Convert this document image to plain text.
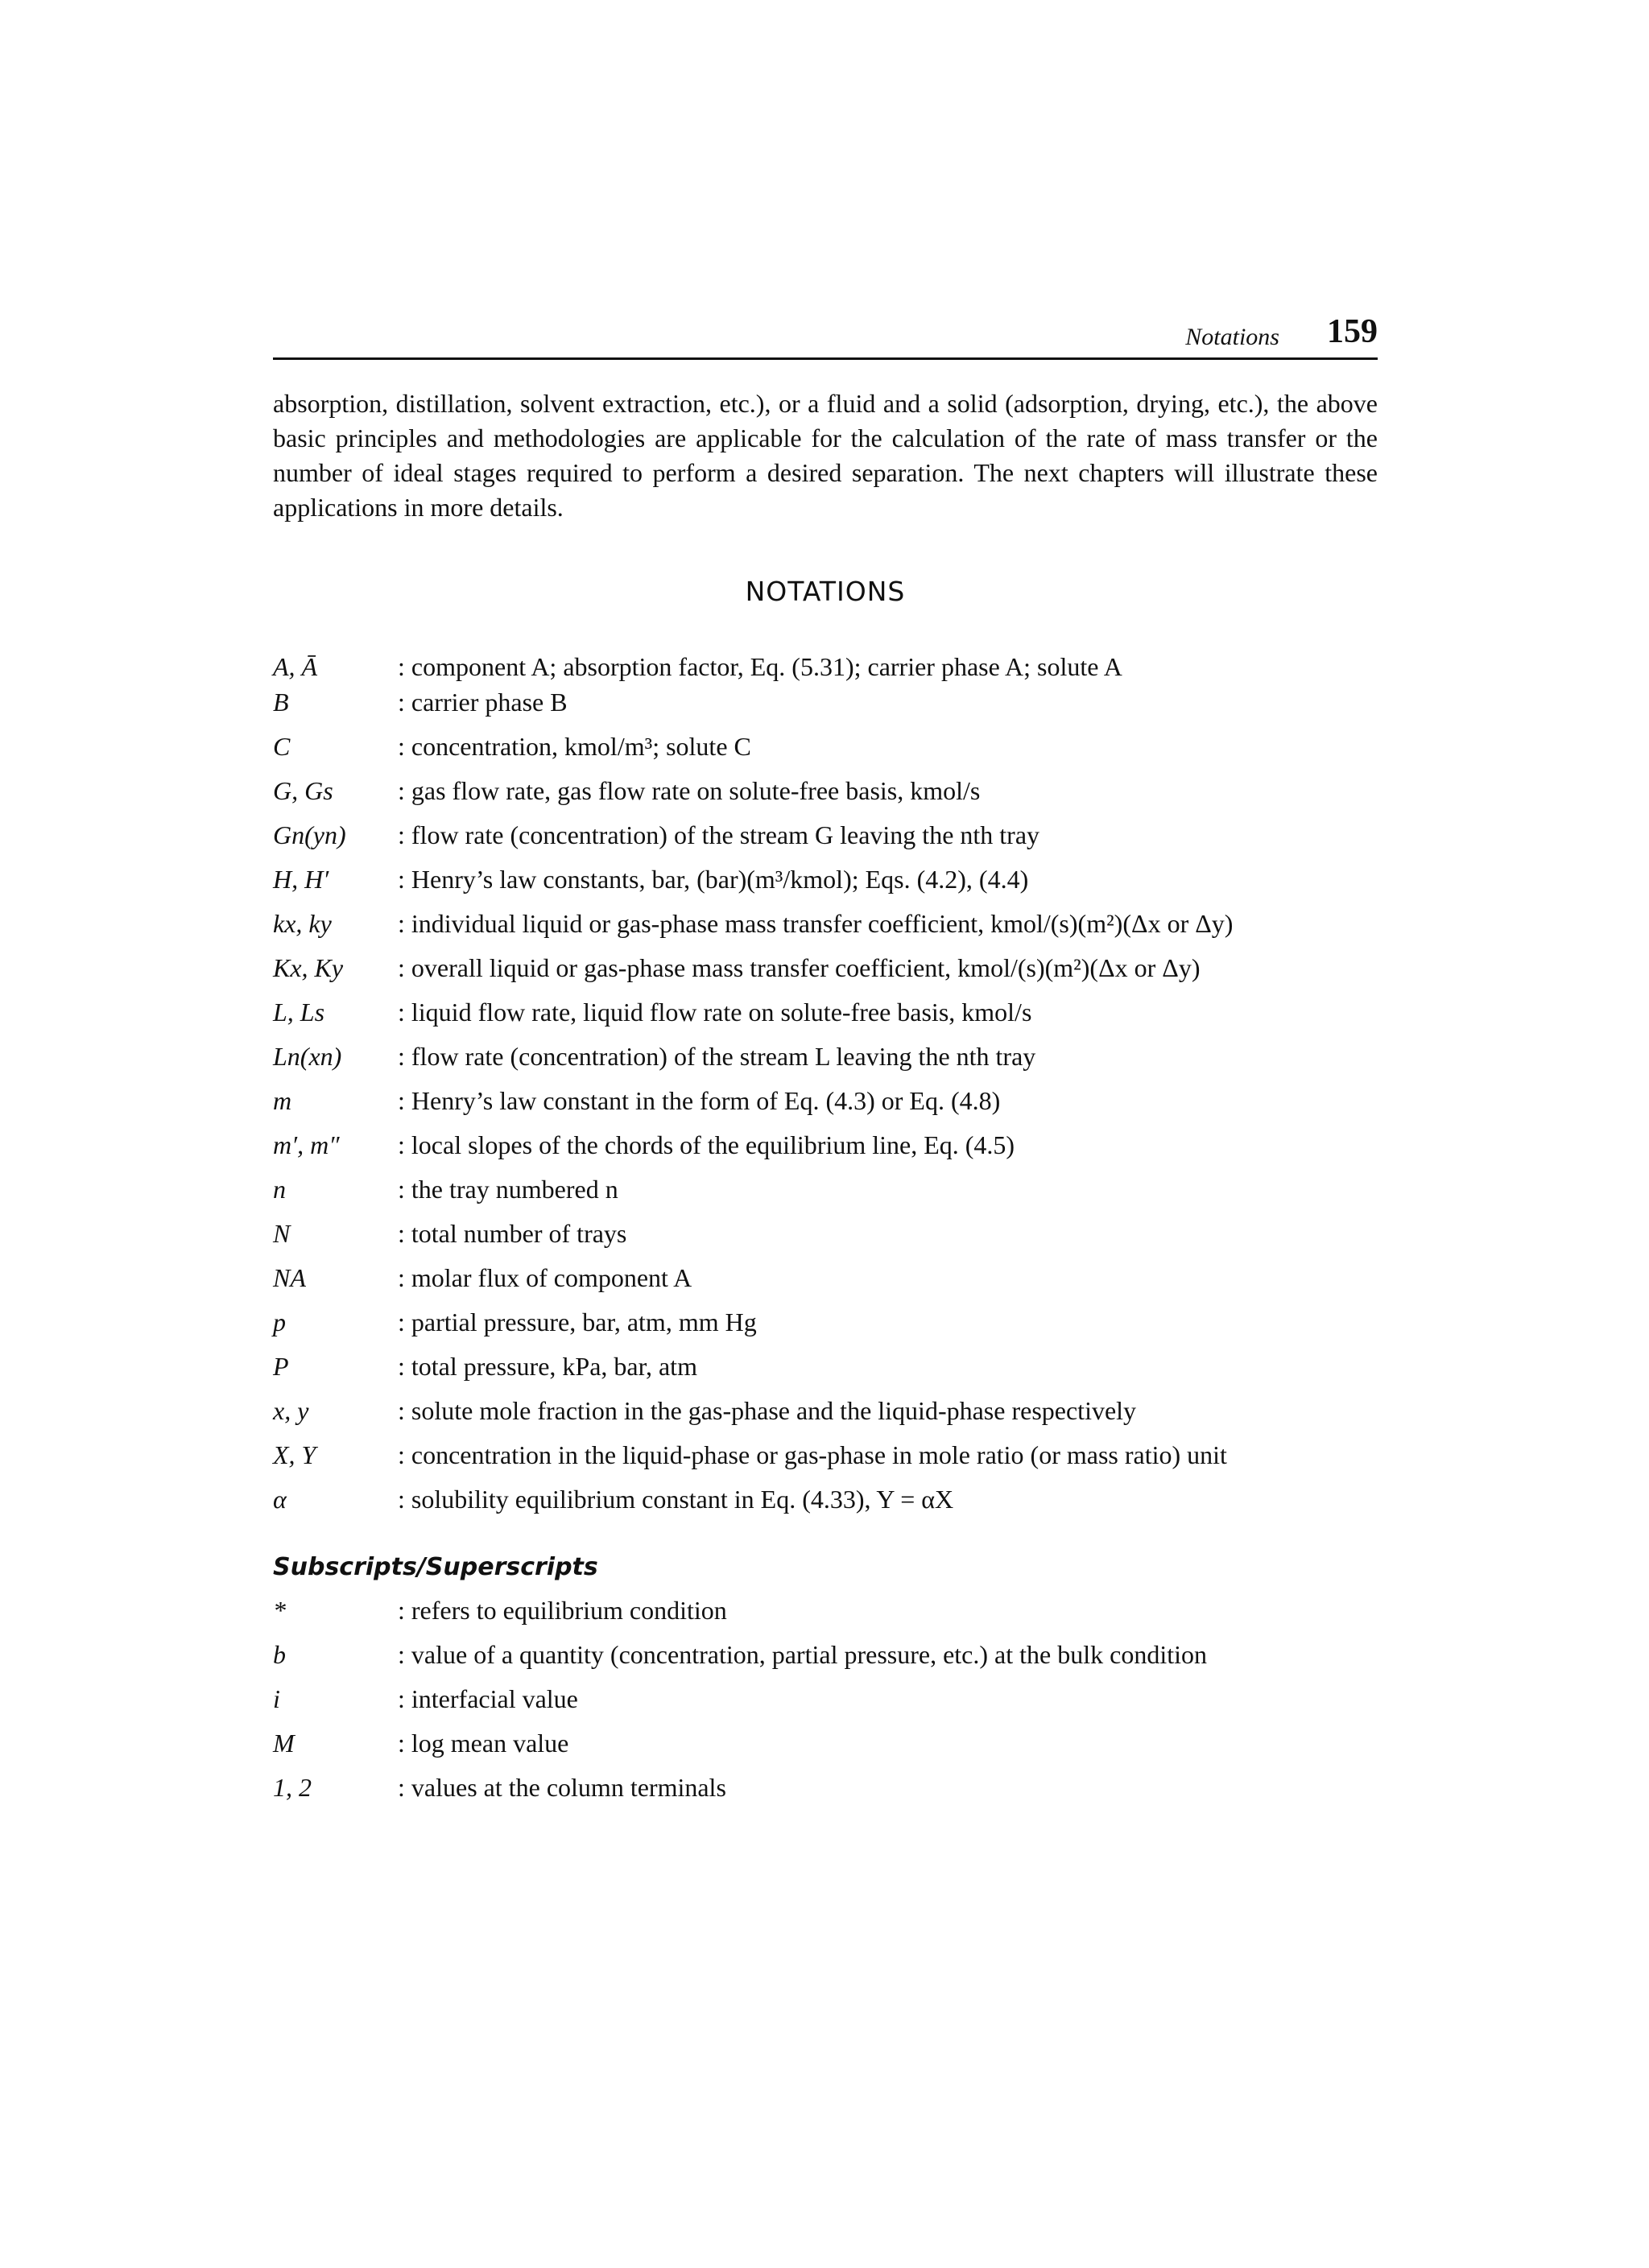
Notations 159

absorption, distillation, solvent extraction, etc.), or a fluid and a solid (adsorption, drying, etc.), the above basic principles and methodologies are applicable for the calculation of the rate of mass transfer or the number of ideal stages required to perform a desired separation. The next chapters will illustrate these applications in more details.

NOTATIONS
A, Ā	: component A; absorption factor, Eq. (5.31); carrier phase A; solute A
B	: carrier phase B
C	: concentration, kmol/m³; solute C
G, Gs	: gas flow rate, gas flow rate on solute-free basis, kmol/s
Gn(yn) : flow rate (concentration) of the stream G leaving the nth tray
H, H′	: Henry’s law constants, bar, (bar)(m³/kmol); Eqs. (4.2), (4.4)
kx, ky	: individual liquid or gas-phase mass transfer coefficient, kmol/(s)(m²)(Δx or Δy)
Kx, Ky : overall liquid or gas-phase mass transfer coefficient, kmol/(s)(m²)(Δx or Δy)
L, Ls	: liquid flow rate, liquid flow rate on solute-free basis, kmol/s
Ln(xn) : flow rate (concentration) of the stream L leaving the nth tray
m	: Henry’s law constant in the form of Eq. (4.3) or Eq. (4.8)
m′, m″ : local slopes of the chords of the equilibrium line, Eq. (4.5)
n	: the tray numbered n
N	: total number of trays
NA	: molar flux of component A
p	: partial pressure, bar, atm, mm Hg
P	: total pressure, kPa, bar, atm
x, y	: solute mole fraction in the gas-phase and the liquid-phase respectively
X, Y	: concentration in the liquid-phase or gas-phase in mole ratio (or mass ratio) unit
α	: solubility equilibrium constant in Eq. (4.33), Y = αX
Subscripts/Superscripts
*	: refers to equilibrium condition
b	: value of a quantity (concentration, partial pressure, etc.) at the bulk condition
i	: interfacial value
M	: log mean value
1, 2	: values at the column terminals
